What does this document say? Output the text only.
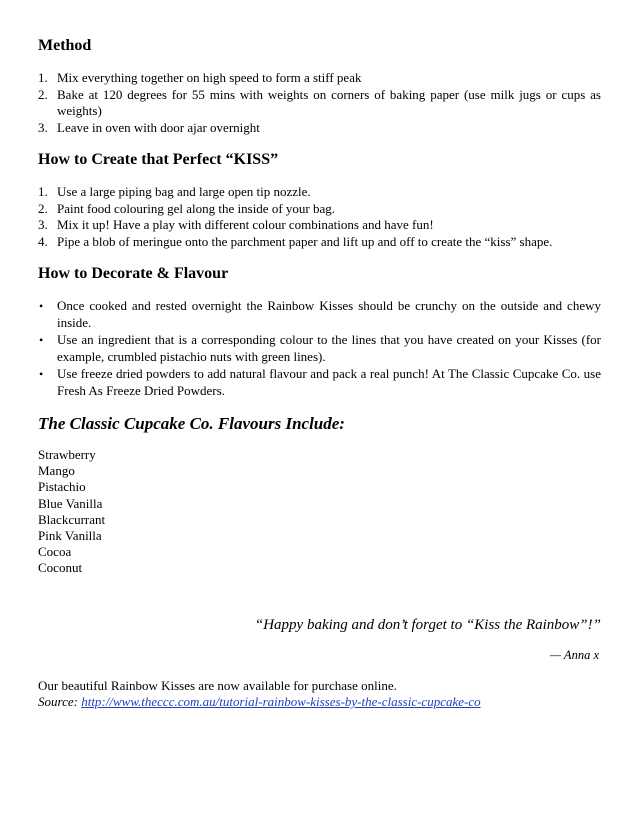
Method
1. Mix everything together on high speed to form a stiff peak
2. Bake at 120 degrees for 55 mins with weights on corners of baking paper (use milk jugs or cups as weights)
3. Leave in oven with door ajar overnight
How to Create that Perfect “KISS”
1. Use a large piping bag and large open tip nozzle.
2. Paint food colouring gel along the inside of your bag.
3. Mix it up! Have a play with different colour combinations and have fun!
4. Pipe a blob of meringue onto the parchment paper and lift up and off to create the “kiss” shape.
How to Decorate & Flavour
• Once cooked and rested overnight the Rainbow Kisses should be crunchy on the outside and chewy inside.
• Use an ingredient that is a corresponding colour to the lines that you have created on your Kisses (for example, crumbled pistachio nuts with green lines).
• Use freeze dried powders to add natural flavour and pack a real punch! At The Classic Cupcake Co. use Fresh As Freeze Dried Powders.
The Classic Cupcake Co. Flavours Include:
Strawberry
Mango
Pistachio
Blue Vanilla
Blackcurrant
Pink Vanilla
Cocoa
Coconut
“Happy baking and don’t forget to “Kiss the Rainbow”!”
— Anna x
Our beautiful Rainbow Kisses are now available for purchase online.
Source: http://www.theccc.com.au/tutorial-rainbow-kisses-by-the-classic-cupcake-co
